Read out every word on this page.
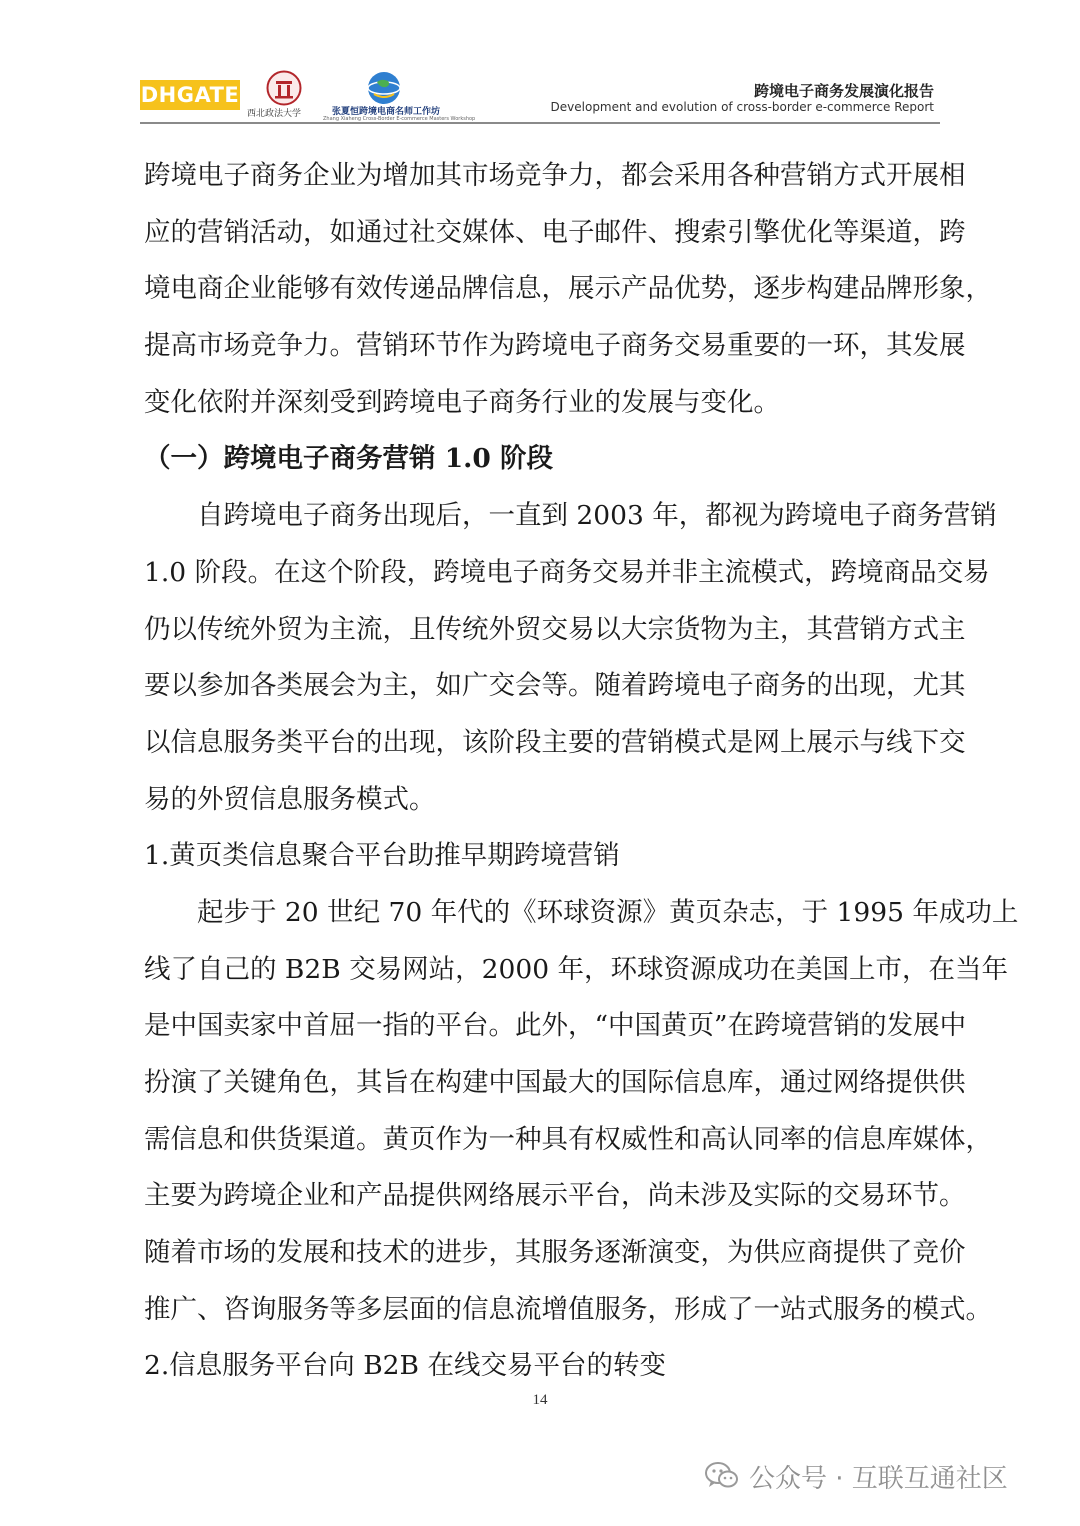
DHGATE
西北政法大学	张夏恒跨境电商名师工作坊
Zhang Xiaheng Cross-Border E-commerce Masters Workshop
跨境电子商务发展演化报告
Development and evolution of cross-border e-commerce Report
跨境电子商务企业为增加其市场竞争力，都会采用各种营销方式开展相
应的营销活动，如通过社交媒体、电子邮件、搜索引擎优化等渠道，跨
境电商企业能够有效传递品牌信息，展示产品优势，逐步构建品牌形象，
提高市场竞争力。营销环节作为跨境电子商务交易重要的一环，其发展
变化依附并深刻受到跨境电子商务行业的发展与变化。
（一）跨境电子商务营销 1.0 阶段
自跨境电子商务出现后，一直到 2003 年，都视为跨境电子商务营销
1.0 阶段。在这个阶段，跨境电子商务交易并非主流模式，跨境商品交易
仍以传统外贸为主流，且传统外贸交易以大宗货物为主，其营销方式主
要以参加各类展会为主，如广交会等。随着跨境电子商务的出现，尤其
以信息服务类平台的出现，该阶段主要的营销模式是网上展示与线下交
易的外贸信息服务模式。
1.黄页类信息聚合平台助推早期跨境营销
起步于 20 世纪 70 年代的《环球资源》黄页杂志，于 1995 年成功上
线了自己的 B2B 交易网站，2000 年，环球资源成功在美国上市，在当年
是中国卖家中首屈一指的平台。此外，“中国黄页”在跨境营销的发展中
扮演了关键角色，其旨在构建中国最大的国际信息库，通过网络提供供
需信息和供货渠道。黄页作为一种具有权威性和高认同率的信息库媒体，
主要为跨境企业和产品提供网络展示平台，尚未涉及实际的交易环节。
随着市场的发展和技术的进步，其服务逐渐演变，为供应商提供了竞价
推广、咨询服务等多层面的信息流增值服务，形成了一站式服务的模式。
2.信息服务平台向 B2B 在线交易平台的转变
14
公众号 · 互联互通社区
